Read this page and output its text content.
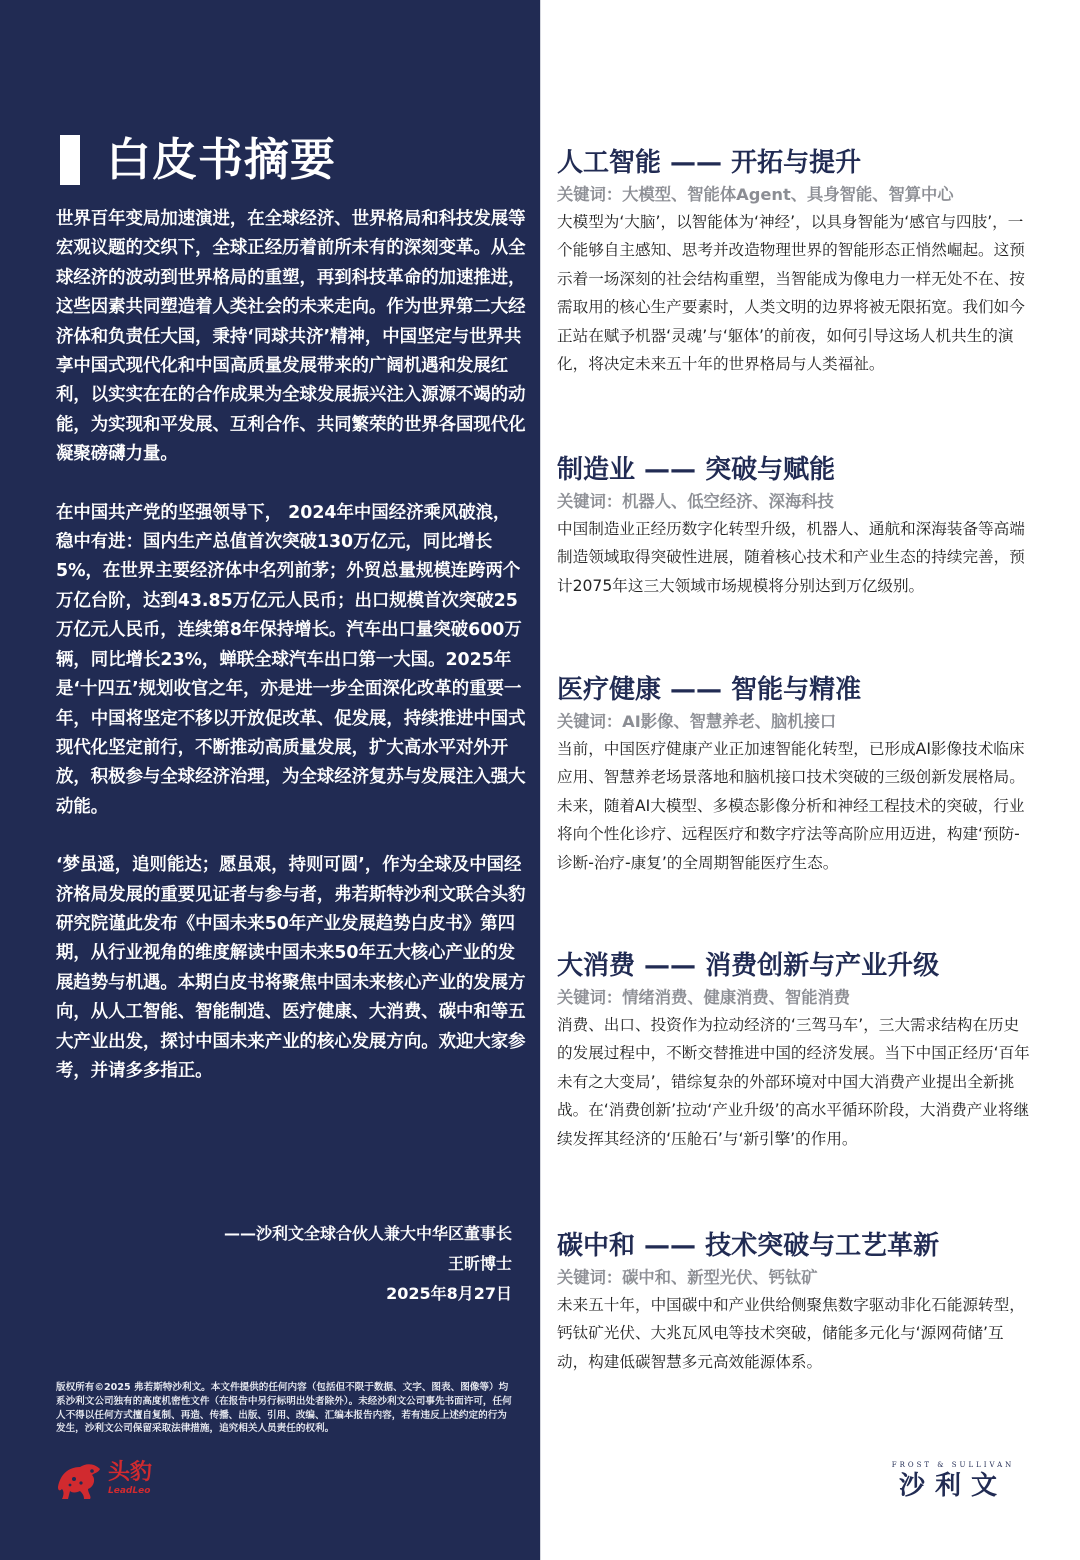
白皮书摘要

世界百年变局加速演进，在全球经济、世界格局和科技发展等宏观议题的交织下，全球正经历着前所未有的深刻变革。从全球经济的波动到世界格局的重塑，再到科技革命的加速推进，这些因素共同塑造着人类社会的未来走向。作为世界第二大经济体和负责任大国，秉持‘同球共济’精神，中国坚定与世界共享中国式现代化和中国高质量发展带来的广阔机遇和发展红利，以实实在在的合作成果为全球发展振兴注入源源不竭的动能，为实现和平发展、互利合作、共同繁荣的世界各国现代化凝聚磅礴力量。

在中国共产党的坚强领导下， 2024年中国经济乘风破浪，稳中有进：国内生产总值首次突破130万亿元，同比增长5%，在世界主要经济体中名列前茅；外贸总量规模连跨两个万亿台阶，达到43.85万亿元人民币；出口规模首次突破25万亿元人民币，连续第8年保持增长。汽车出口量突破600万辆，同比增长23%，蝉联全球汽车出口第一大国。2025年是‘十四五’规划收官之年，亦是进一步全面深化改革的重要一年，中国将坚定不移以开放促改革、促发展，持续推进中国式现代化坚定前行，不断推动高质量发展，扩大高水平对外开放，积极参与全球经济治理，为全球经济复苏与发展注入强大动能。

‘梦虽遥，追则能达；愿虽艰，持则可圆’，作为全球及中国经济格局发展的重要见证者与参与者，弗若斯特沙利文联合头豹研究院谨此发布《中国未来50年产业发展趋势白皮书》第四期，从行业视角的维度解读中国未来50年五大核心产业的发展趋势与机遇。本期白皮书将聚焦中国未来核心产业的发展方向，从人工智能、智能制造、医疗健康、大消费、碳中和等五大产业出发，探讨中国未来产业的核心发展方向。欢迎大家参考，并请多多指正。

——沙利文全球合伙人兼大中华区董事长
王昕博士
2025年8月27日
版权所有©2025 弗若斯特沙利文。本文件提供的任何内容（包括但不限于数据、文字、图表、图像等）均系沙利文公司独有的高度机密性文件（在报告中另行标明出处者除外）。未经沙利文公司事先书面许可，任何人不得以任何方式擅自复制、再造、传播、出版、引用、改编、汇编本报告内容，若有违反上述约定的行为发生，沙利文公司保留采取法律措施，追究相关人员责任的权利。
头豹
LeadLeo
人工智能 —— 开拓与提升
关键词：大模型、智能体Agent、具身智能、智算中心
大模型为‘大脑’，以智能体为‘神经’，以具身智能为‘感官与四肢’，一个能够自主感知、思考并改造物理世界的智能形态正悄然崛起。这预示着一场深刻的社会结构重塑，当智能成为像电力一样无处不在、按需取用的核心生产要素时，人类文明的边界将被无限拓宽。我们如今正站在赋予机器‘灵魂’与‘躯体’的前夜，如何引导这场人机共生的演化，将决定未来五十年的世界格局与人类福祉。
制造业 —— 突破与赋能
关键词：机器人、低空经济、深海科技
中国制造业正经历数字化转型升级，机器人、通航和深海装备等高端制造领域取得突破性进展，随着核心技术和产业生态的持续完善，预计2075年这三大领域市场规模将分别达到万亿级别。
医疗健康 —— 智能与精准
关键词：AI影像、智慧养老、脑机接口
当前，中国医疗健康产业正加速智能化转型，已形成AI影像技术临床应用、智慧养老场景落地和脑机接口技术突破的三级创新发展格局。未来，随着AI大模型、多模态影像分析和神经工程技术的突破，行业将向个性化诊疗、远程医疗和数字疗法等高阶应用迈进，构建‘预防-诊断-治疗-康复’的全周期智能医疗生态。
大消费 —— 消费创新与产业升级
关键词：情绪消费、健康消费、智能消费
消费、出口、投资作为拉动经济的‘三驾马车’，三大需求结构在历史的发展过程中，不断交替推进中国的经济发展。当下中国正经历‘百年未有之大变局’，错综复杂的外部环境对中国大消费产业提出全新挑战。在‘消费创新’拉动‘产业升级’的高水平循环阶段，大消费产业将继续发挥其经济的‘压舱石’与‘新引擎’的作用。
碳中和 —— 技术突破与工艺革新
关键词：碳中和、新型光伏、钙钛矿
未来五十年，中国碳中和产业供给侧聚焦数字驱动非化石能源转型，钙钛矿光伏、大兆瓦风电等技术突破，储能多元化与‘源网荷储’互动，构建低碳智慧多元高效能源体系。
FROST & SULLIVAN
沙利文
